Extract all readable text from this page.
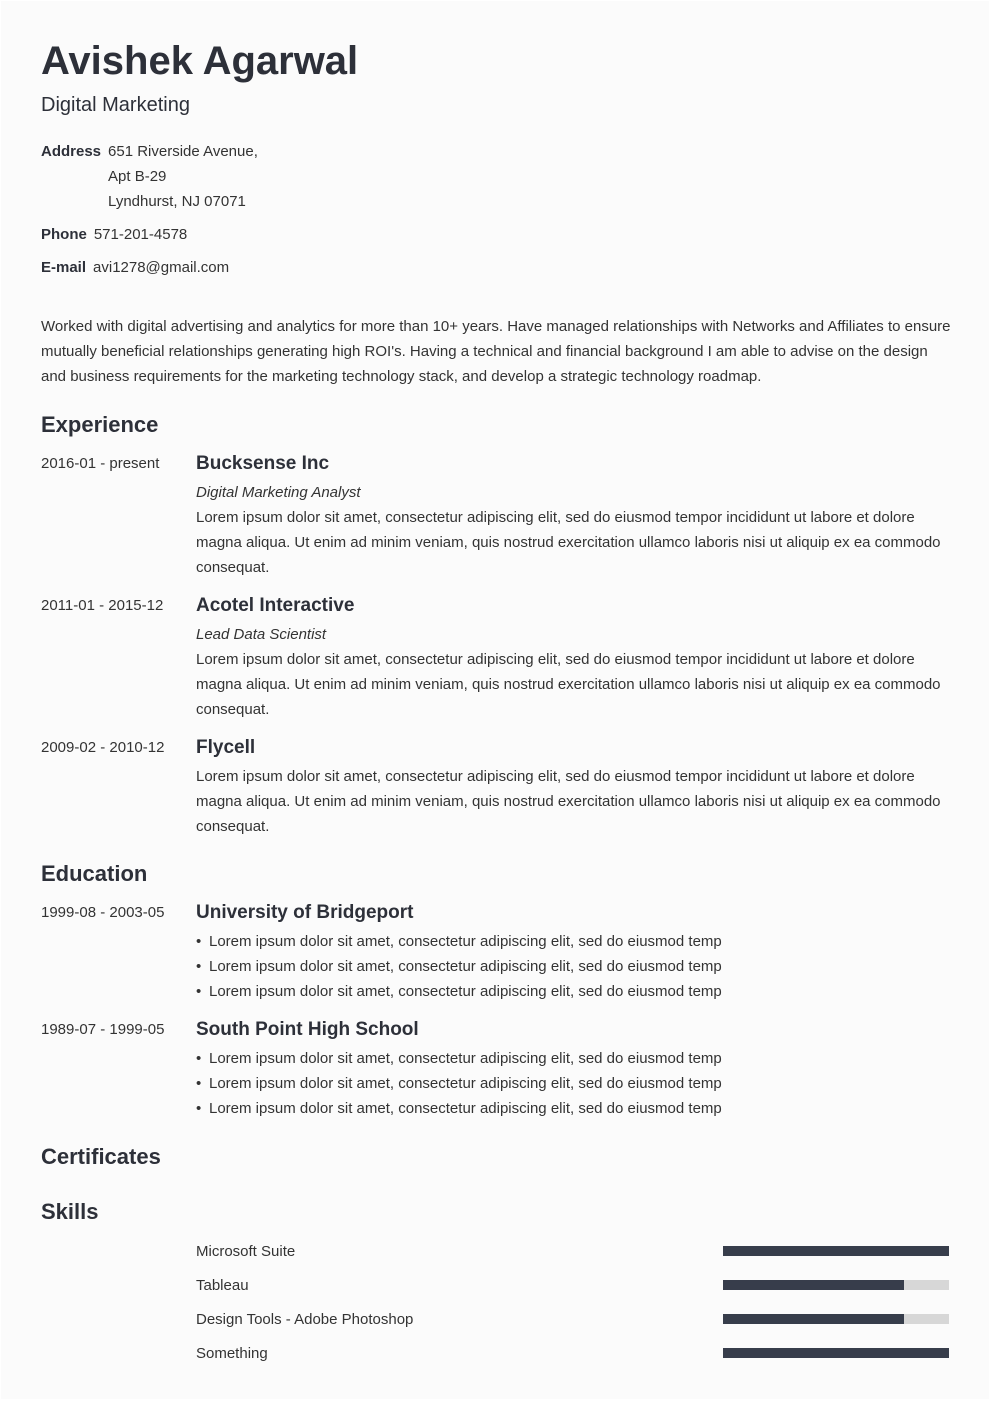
Avishek Agarwal
Digital Marketing
Address 651 Riverside Avenue,
Apt B-29
Lyndhurst, NJ 07071
Phone 571-201-4578
E-mail avi1278@gmail.com
Worked with digital advertising and analytics for more than 10+ years. Have managed relationships with Networks and Affiliates to ensure mutually beneficial relationships generating high ROI's. Having a technical and financial background I am able to advise on the design and business requirements for the marketing technology stack, and develop a strategic technology roadmap.
Experience
2016-01 - present	Bucksense Inc
Digital Marketing Analyst
Lorem ipsum dolor sit amet, consectetur adipiscing elit, sed do eiusmod tempor incididunt ut labore et dolore magna aliqua. Ut enim ad minim veniam, quis nostrud exercitation ullamco laboris nisi ut aliquip ex ea commodo consequat.
2011-01 - 2015-12	Acotel Interactive
Lead Data Scientist
Lorem ipsum dolor sit amet, consectetur adipiscing elit, sed do eiusmod tempor incididunt ut labore et dolore magna aliqua. Ut enim ad minim veniam, quis nostrud exercitation ullamco laboris nisi ut aliquip ex ea commodo consequat.
2009-02 - 2010-12	Flycell
Lorem ipsum dolor sit amet, consectetur adipiscing elit, sed do eiusmod tempor incididunt ut labore et dolore magna aliqua. Ut enim ad minim veniam, quis nostrud exercitation ullamco laboris nisi ut aliquip ex ea commodo consequat.
Education
1999-08 - 2003-05	University of Bridgeport
• Lorem ipsum dolor sit amet, consectetur adipiscing elit, sed do eiusmod temp
• Lorem ipsum dolor sit amet, consectetur adipiscing elit, sed do eiusmod temp
• Lorem ipsum dolor sit amet, consectetur adipiscing elit, sed do eiusmod temp
1989-07 - 1999-05	South Point High School
• Lorem ipsum dolor sit amet, consectetur adipiscing elit, sed do eiusmod temp
• Lorem ipsum dolor sit amet, consectetur adipiscing elit, sed do eiusmod temp
• Lorem ipsum dolor sit amet, consectetur adipiscing elit, sed do eiusmod temp
Certificates
Skills
Microsoft Suite
Tableau
Design Tools - Adobe Photoshop
Something
